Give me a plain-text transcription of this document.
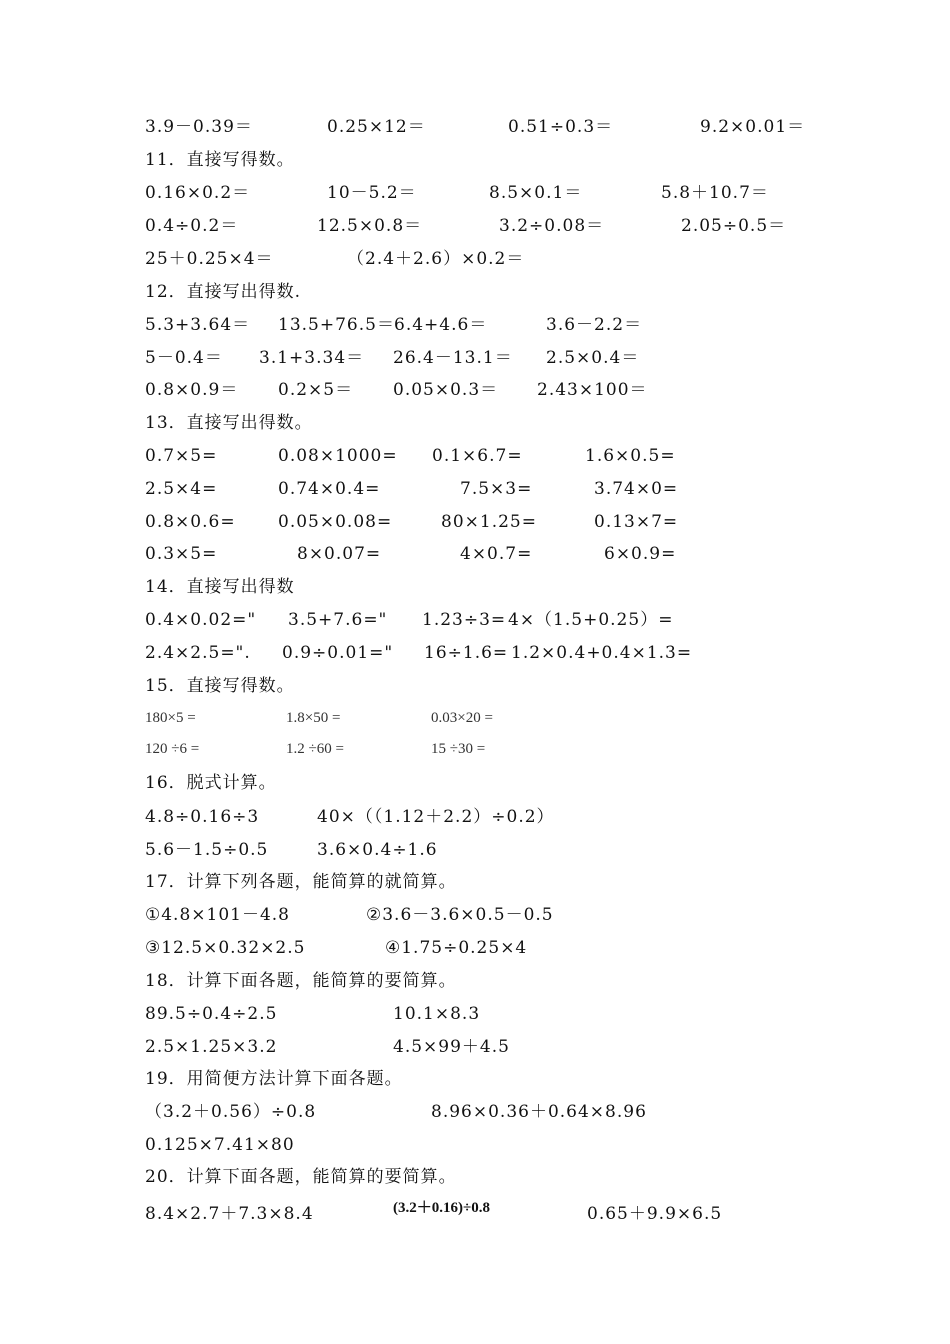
3.9－0.39＝	0.25×12＝	0.51÷0.3＝	9.2×0.01＝
11．直接写得数。
0.16×0.2＝	10－5.2＝	8.5×0.1＝	5.8＋10.7＝
0.4÷0.2＝	12.5×0.8＝	3.2÷0.08＝	2.05÷0.5＝
25＋0.25×4＝	（2.4＋2.6）×0.2＝
12．直接写出得数.
5.3+3.64＝ 13.5+76.5＝ 6.4+4.6＝	3.6－2.2＝
5－0.4＝ 3.1+3.34＝ 26.4－13.1＝ 2.5×0.4＝
0.8×0.9＝ 0.2×5＝ 0.05×0.3＝ 2.43×100＝
13．直接写出得数。
0.7×5=	0.08×1000= 0.1×6.7=	1.6×0.5=
2.5×4=	0.74×0.4=	7.5×3=	3.74×0=
0.8×0.6= 0.05×0.08=	80×1.25=	0.13×7=
0.3×5=	8×0.07=	4×0.7=	6×0.9=
14．直接写出得数
0.4×0.02=" 3.5+7.6=" 1.23÷3= 4×（1.5+0.25）=
2.4×2.5=". 0.9÷0.01=" 16÷1.6= 1.2×0.4+0.4×1.3=
15．直接写得数。
180×5 =	1.8×50 =	0.03×20 =
120 ÷6 =	1.2 ÷60 =	15 ÷30 =
16．脱式计算。
4.8÷0.16÷3	40×（（1.12＋2.2）÷0.2）
5.6－1.5÷0.5	3.6×0.4÷1.6
17．计算下列各题，能简算的就简算。
①4.8×101－4.8	②3.6－3.6×0.5－0.5
③12.5×0.32×2.5	④1.75÷0.25×4
18．计算下面各题，能简算的要简算。
89.5÷0.4÷2.5	10.1×8.3
2.5×1.25×3.2	4.5×99＋4.5
19．用简便方法计算下面各题。
（3.2＋0.56）÷0.8	8.96×0.36＋0.64×8.96
0.125×7.41×80
20．计算下面各题，能简算的要简算。
8.4×2.7＋7.3×8.4	(3.2＋0.16)÷0.8	0.65＋9.9×6.5
